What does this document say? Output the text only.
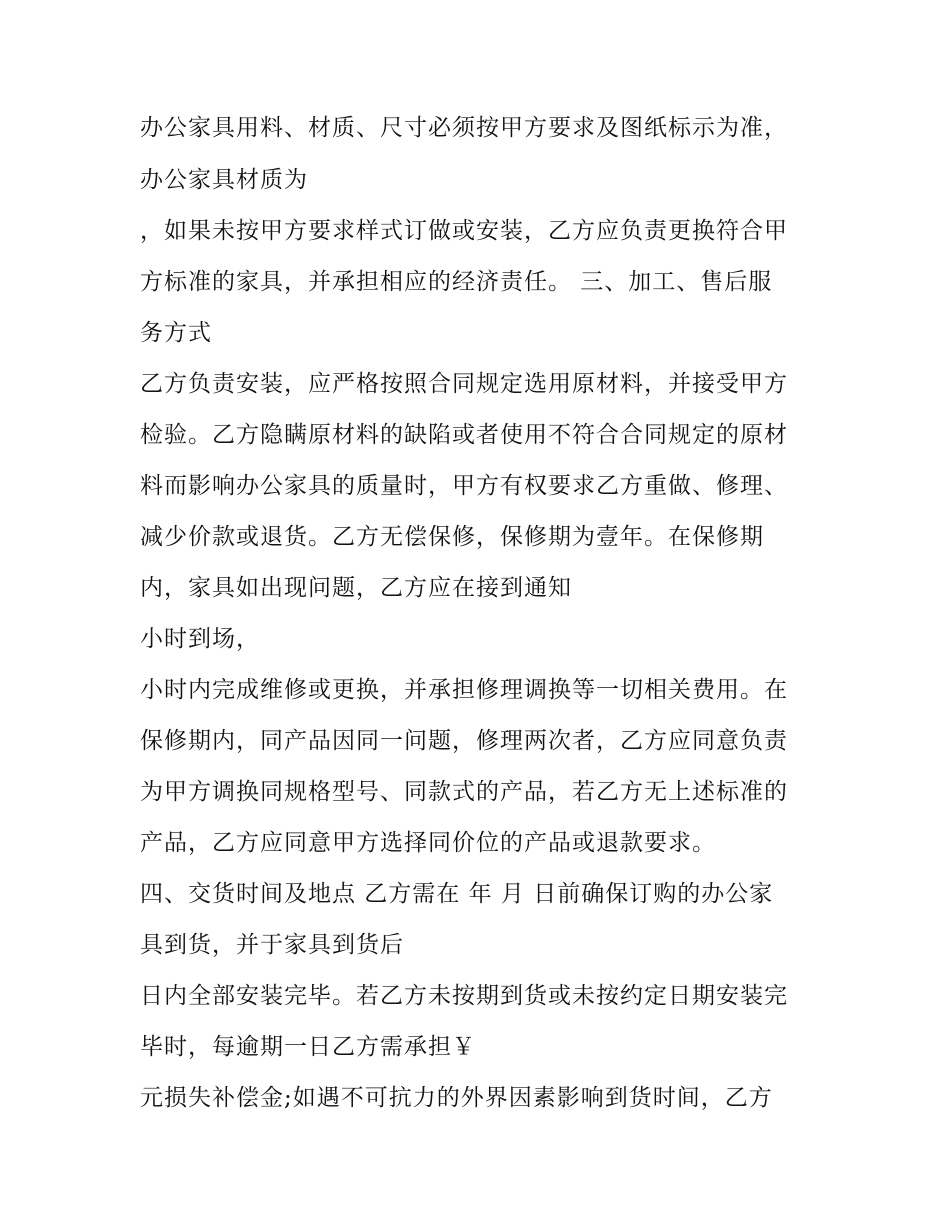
办公家具用料、材质、尺寸必须按甲方要求及图纸标示为准，
办公家具材质为
，如果未按甲方要求样式订做或安装，乙方应负责更换符合甲
方标准的家具，并承担相应的经济责任。 三、加工、售后服
务方式
乙方负责安装，应严格按照合同规定选用原材料，并接受甲方
检验。乙方隐瞒原材料的缺陷或者使用不符合合同规定的原材
料而影响办公家具的质量时，甲方有权要求乙方重做、修理、
减少价款或退货。乙方无偿保修，保修期为壹年。在保修期
内，家具如出现问题，乙方应在接到通知
小时到场，
小时内完成维修或更换，并承担修理调换等一切相关费用。在
保修期内，同产品因同一问题，修理两次者，乙方应同意负责
为甲方调换同规格型号、同款式的产品，若乙方无上述标准的
产品，乙方应同意甲方选择同价位的产品或退款要求。
四、交货时间及地点 乙方需在 年 月 日前确保订购的办公家
具到货，并于家具到货后
日内全部安装完毕。若乙方未按期到货或未按约定日期安装完
毕时，每逾期一日乙方需承担￥
元损失补偿金;如遇不可抗力的外界因素影响到货时间，乙方
